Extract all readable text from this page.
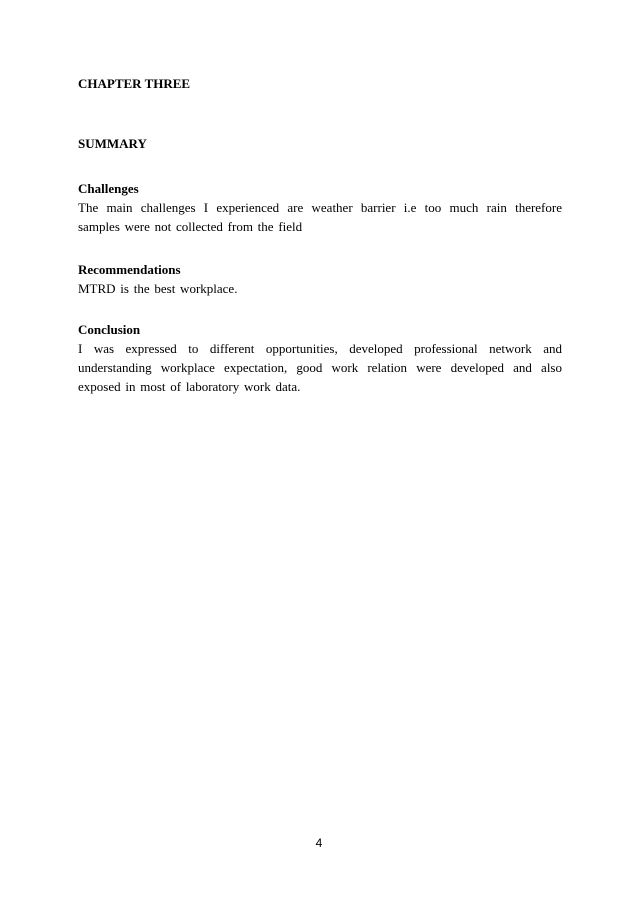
CHAPTER THREE
SUMMARY
Challenges

The main challenges I experienced are weather barrier i.e too much rain therefore samples were not collected from the field

Recommendations

MTRD is the best workplace.

Conclusion

I was expressed to different opportunities, developed professional network and understanding workplace expectation, good work relation were developed and also exposed in most of laboratory work data.

4
